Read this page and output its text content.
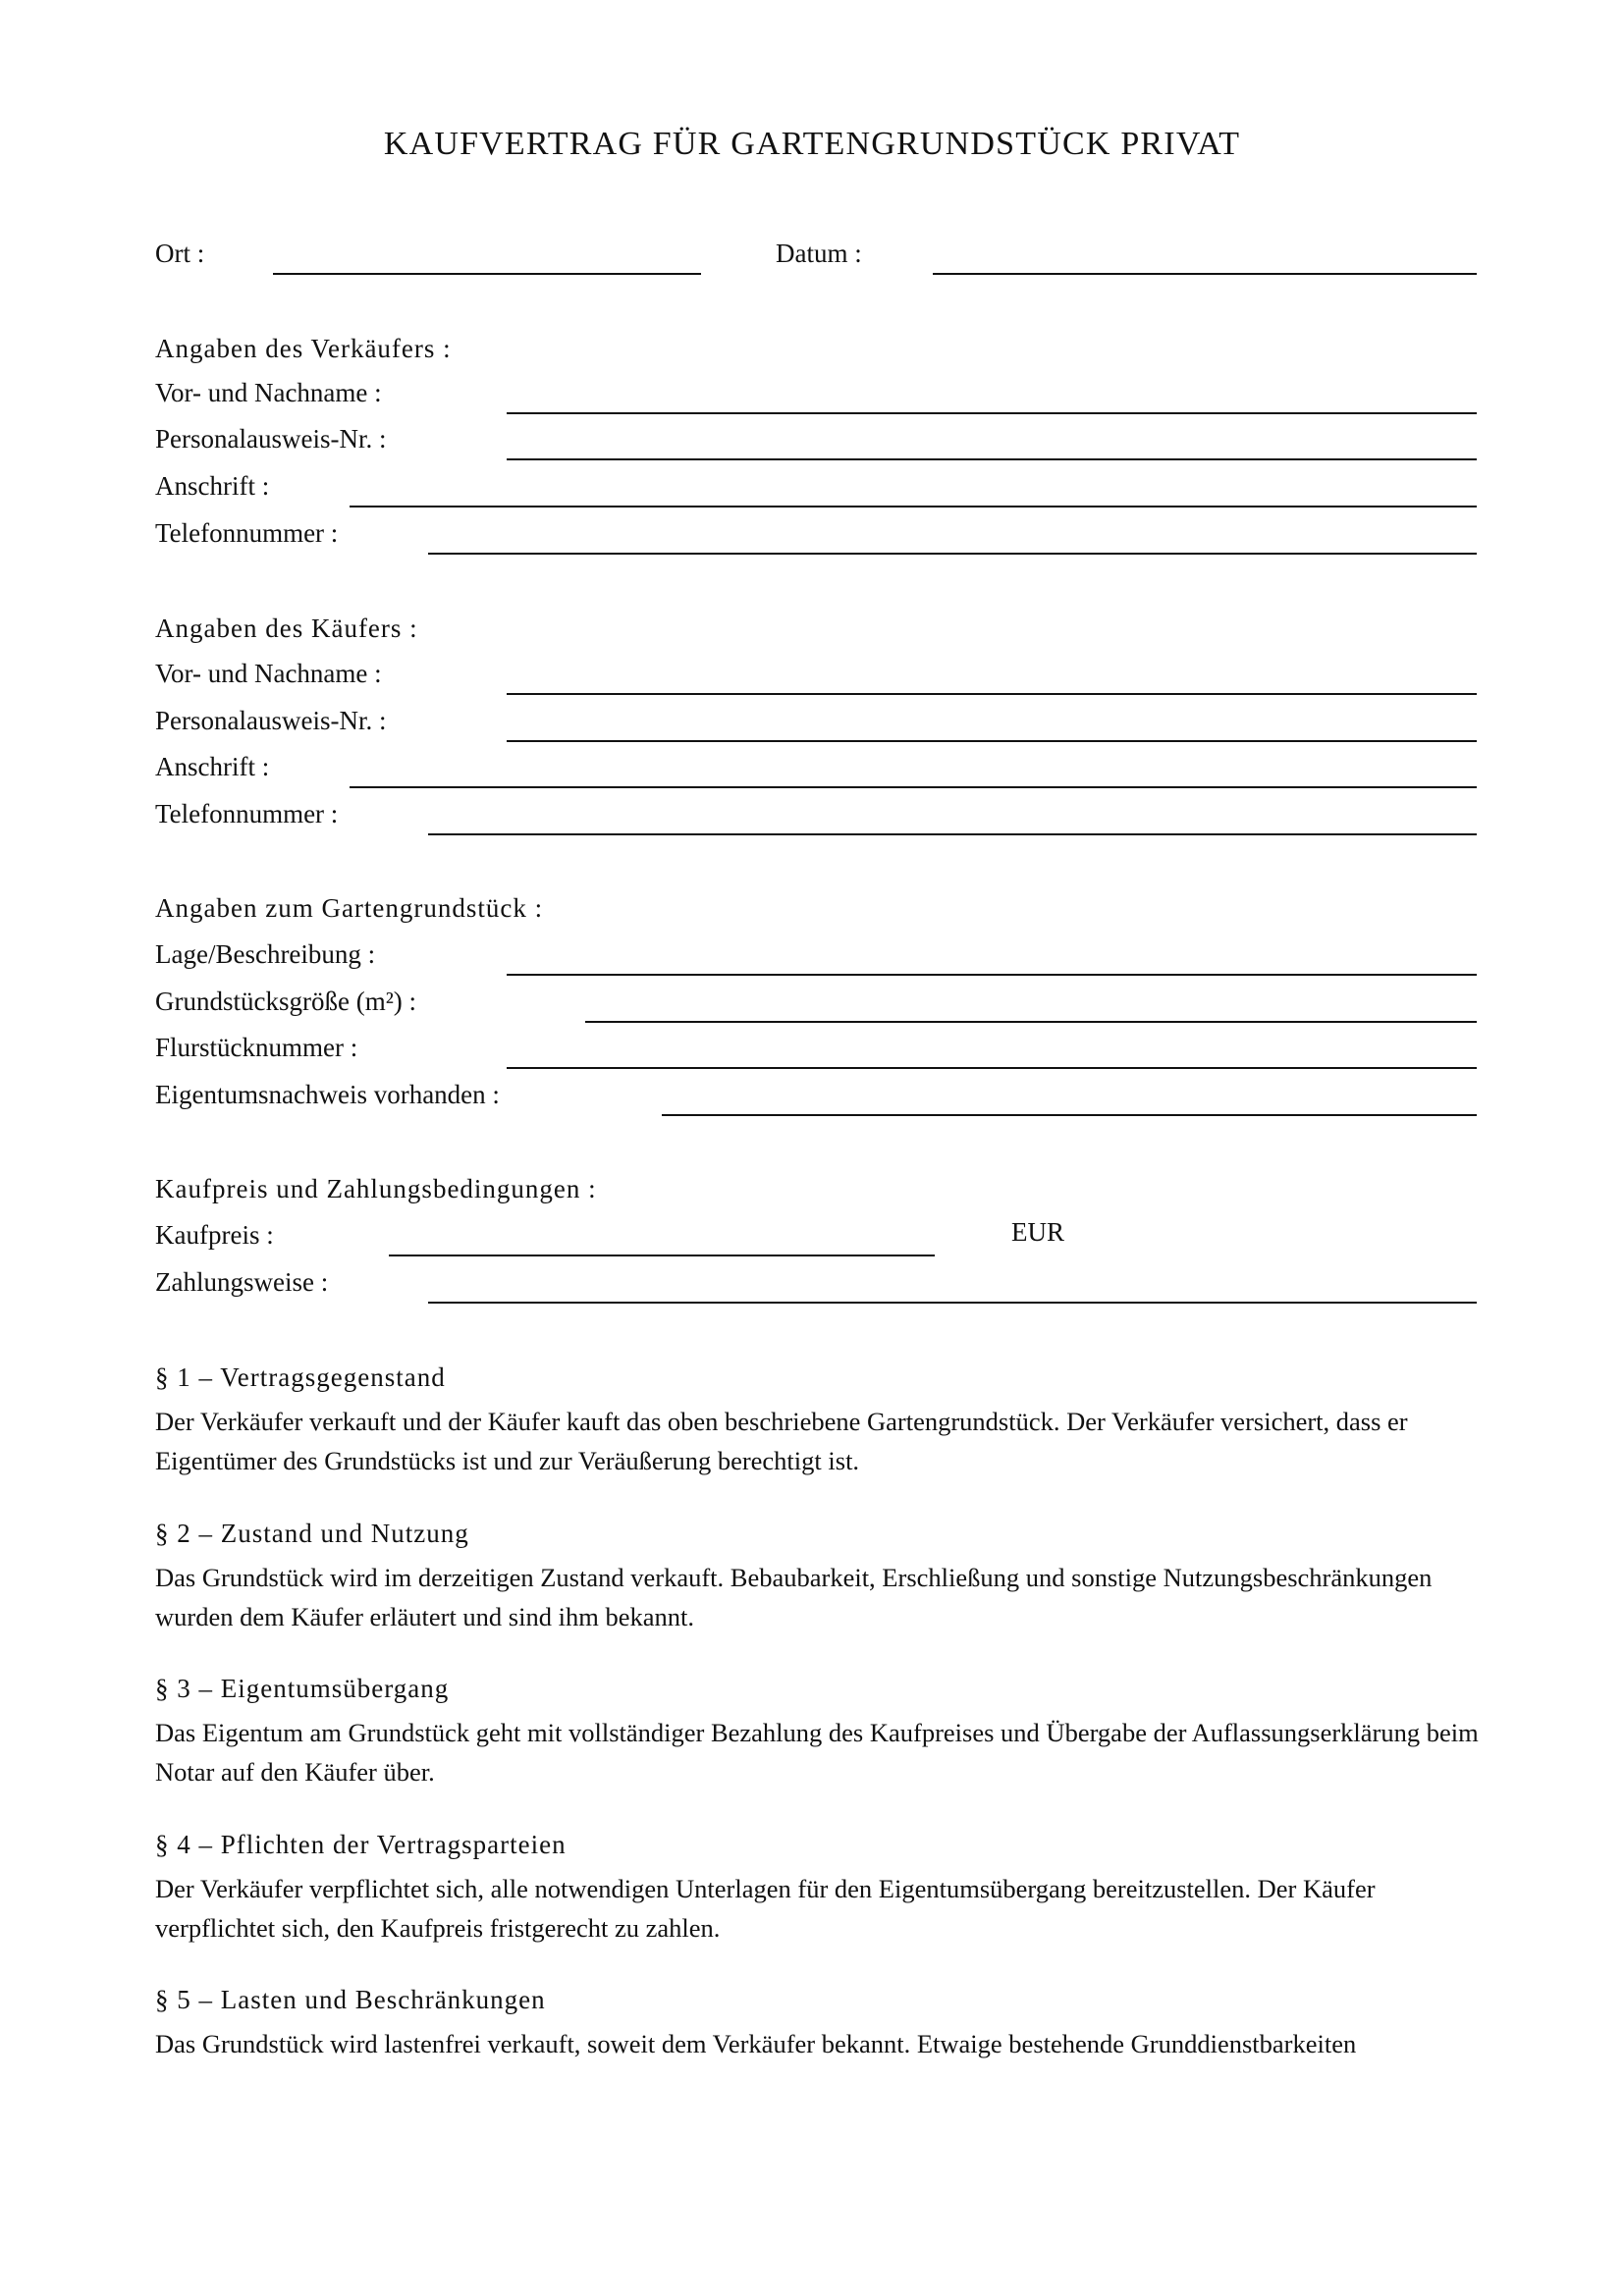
KAUFVERTRAG FÜR GARTENGRUNDSTÜCK PRIVAT
Ort :	Datum :
Angaben des Verkäufers :
Vor- und Nachname :
Personalausweis-Nr. :
Anschrift :
Telefonnummer :
Angaben des Käufers :
Vor- und Nachname :
Personalausweis-Nr. :
Anschrift :
Telefonnummer :
Angaben zum Gartengrundstück :
Lage/Beschreibung :
Grundstücksgröße (m²) :
Flurstücknummer :
Eigentumsnachweis vorhanden :
Kaufpreis und Zahlungsbedingungen :
Kaufpreis :	EUR
Zahlungsweise :
§ 1 – Vertragsgegenstand

Der Verkäufer verkauft und der Käufer kauft das oben beschriebene Gartengrundstück. Der Verkäufer versichert, dass er Eigentümer des Grundstücks ist und zur Veräußerung berechtigt ist.

§ 2 – Zustand und Nutzung

Das Grundstück wird im derzeitigen Zustand verkauft. Bebaubarkeit, Erschließung und sonstige Nutzungsbeschränkungen wurden dem Käufer erläutert und sind ihm bekannt.

§ 3 – Eigentumsübergang

Das Eigentum am Grundstück geht mit vollständiger Bezahlung des Kaufpreises und Übergabe der Auflassungserklärung beim Notar auf den Käufer über.

§ 4 – Pflichten der Vertragsparteien

Der Verkäufer verpflichtet sich, alle notwendigen Unterlagen für den Eigentumsübergang bereitzustellen. Der Käufer verpflichtet sich, den Kaufpreis fristgerecht zu zahlen.

§ 5 – Lasten und Beschränkungen

Das Grundstück wird lastenfrei verkauft, soweit dem Verkäufer bekannt. Etwaige bestehende Grunddienstbarkeiten
